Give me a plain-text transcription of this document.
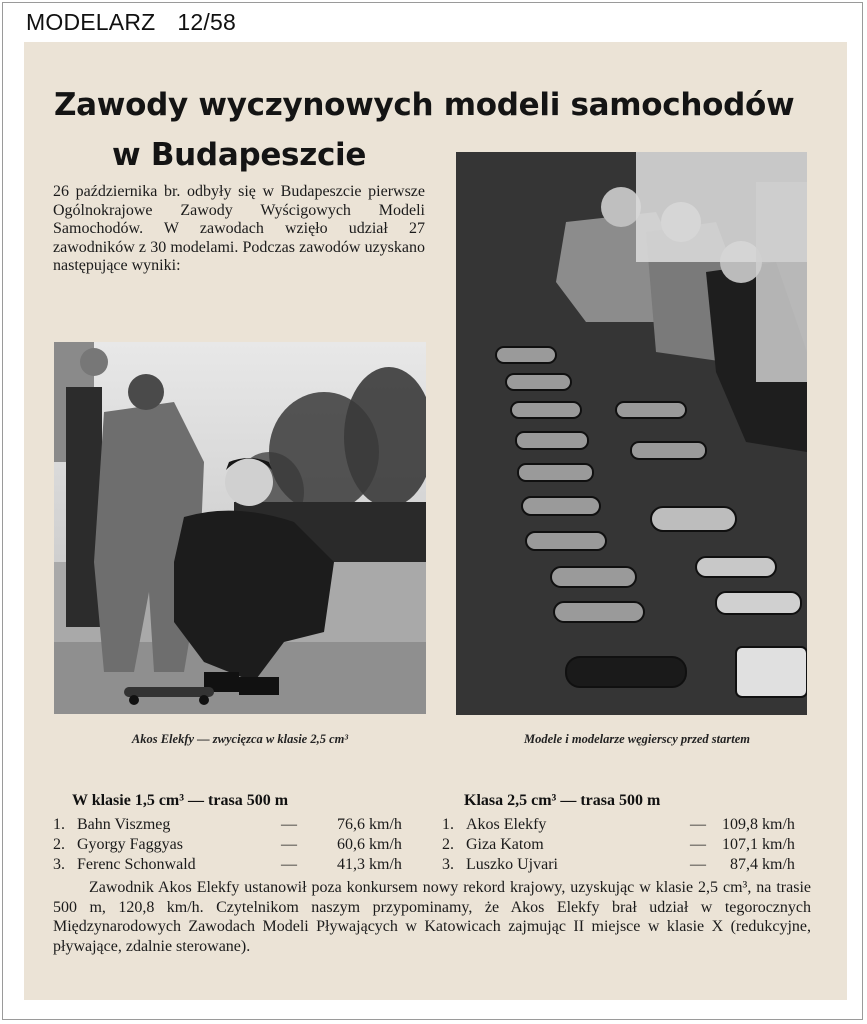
MODELARZ 12/58
Zawody wyczynowych modeli samochodów
w Budapeszcie
26 października br. odbyły się w Budapeszcie pierwsze Ogólnokrajowe Zawody Wyścigowych Modeli Samochodów. W zawodach wzięło udział 27 zawodników z 30 modelami. Podczas zawodów uzyskano następujące wyniki:
Akos Elekfy — zwycięzca w klasie 2,5 cm³	Modele i modelarze węgierscy przed startem
W klasie 1,5 cm³ — trasa 500 m	Klasa 2,5 cm³ — trasa 500 m
1.	Bahn Viszmeg	—	76,6	km/h
2.	Gyorgy Faggyas	—	60,6	km/h
3.	Ferenc Schonwald	—	41,3	km/h
1.	Akos Elekfy	—	109,8	km/h
2.	Giza Katom	—	107,1	km/h
3.	Luszko Ujvari	—	87,4	km/h
Zawodnik Akos Elekfy ustanowił poza konkursem nowy rekord krajowy, uzyskując w klasie 2,5 cm³, na trasie 500 m, 120,8 km/h. Czytelnikom naszym przypominamy, że Akos Elekfy brał udział w tegorocznych Międzynarodowych Zawodach Modeli Pływających w Katowicach zajmując II miejsce w klasie X (redukcyjne, pływające, zdalnie sterowane).
